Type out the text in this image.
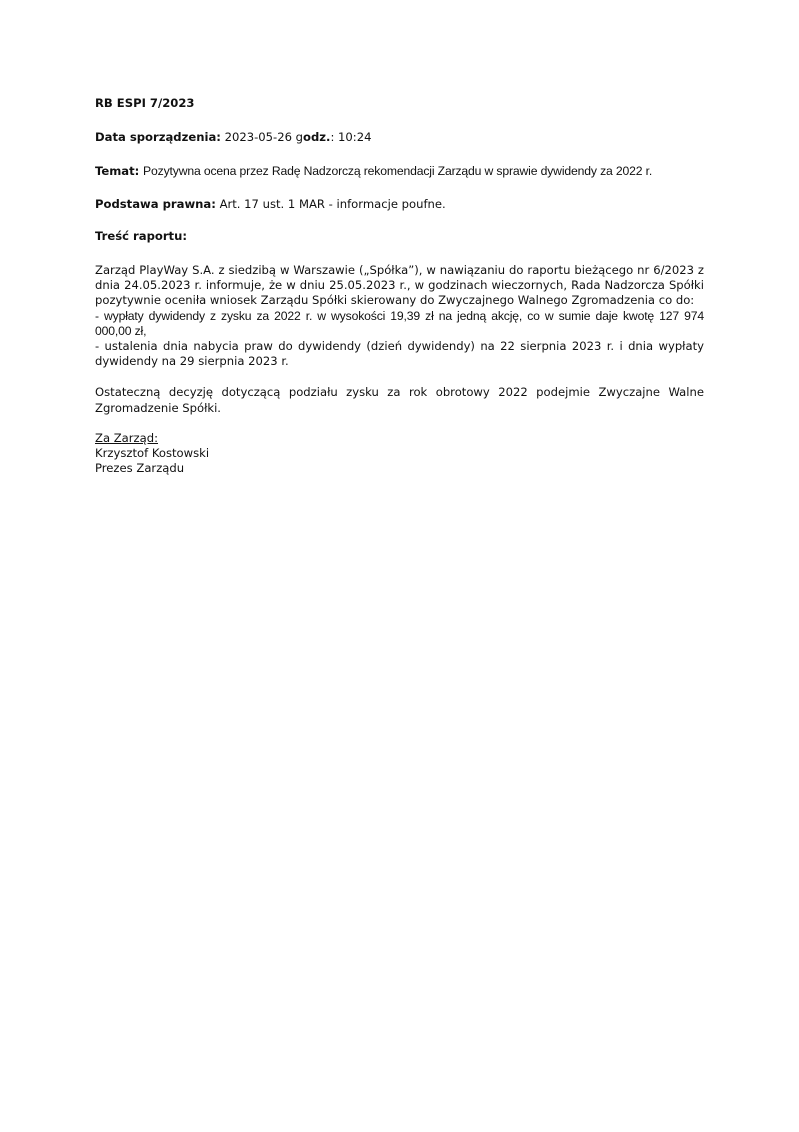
RB ESPI 7/2023

Data sporządzenia: 2023-05-26 godz.: 10:24

Temat: Pozytywna ocena przez Radę Nadzorczą rekomendacji Zarządu w sprawie dywidendy za 2022 r.

Podstawa prawna: Art. 17 ust. 1 MAR - informacje poufne.

Treść raportu:

Zarząd PlayWay S.A. z siedzibą w Warszawie („Spółka”), w nawiązaniu do raportu bieżącego nr 6/2023 z dnia 24.05.2023 r. informuje, że w dniu 25.05.2023 r., w godzinach wieczornych, Rada Nadzorcza Spółki pozytywnie oceniła wniosek Zarządu Spółki skierowany do Zwyczajnego Walnego Zgromadzenia co do:

- wypłaty dywidendy z zysku za 2022 r. w wysokości 19,39 zł na jedną akcję, co w sumie daje kwotę 127 974 000,00 zł,

- ustalenia dnia nabycia praw do dywidendy (dzień dywidendy) na 22 sierpnia 2023 r. i dnia wypłaty dywidendy na 29 sierpnia 2023 r.

Ostateczną decyzję dotyczącą podziału zysku za rok obrotowy 2022 podejmie Zwyczajne Walne Zgromadzenie Spółki.

Za Zarząd:
Krzysztof Kostowski
Prezes Zarządu
